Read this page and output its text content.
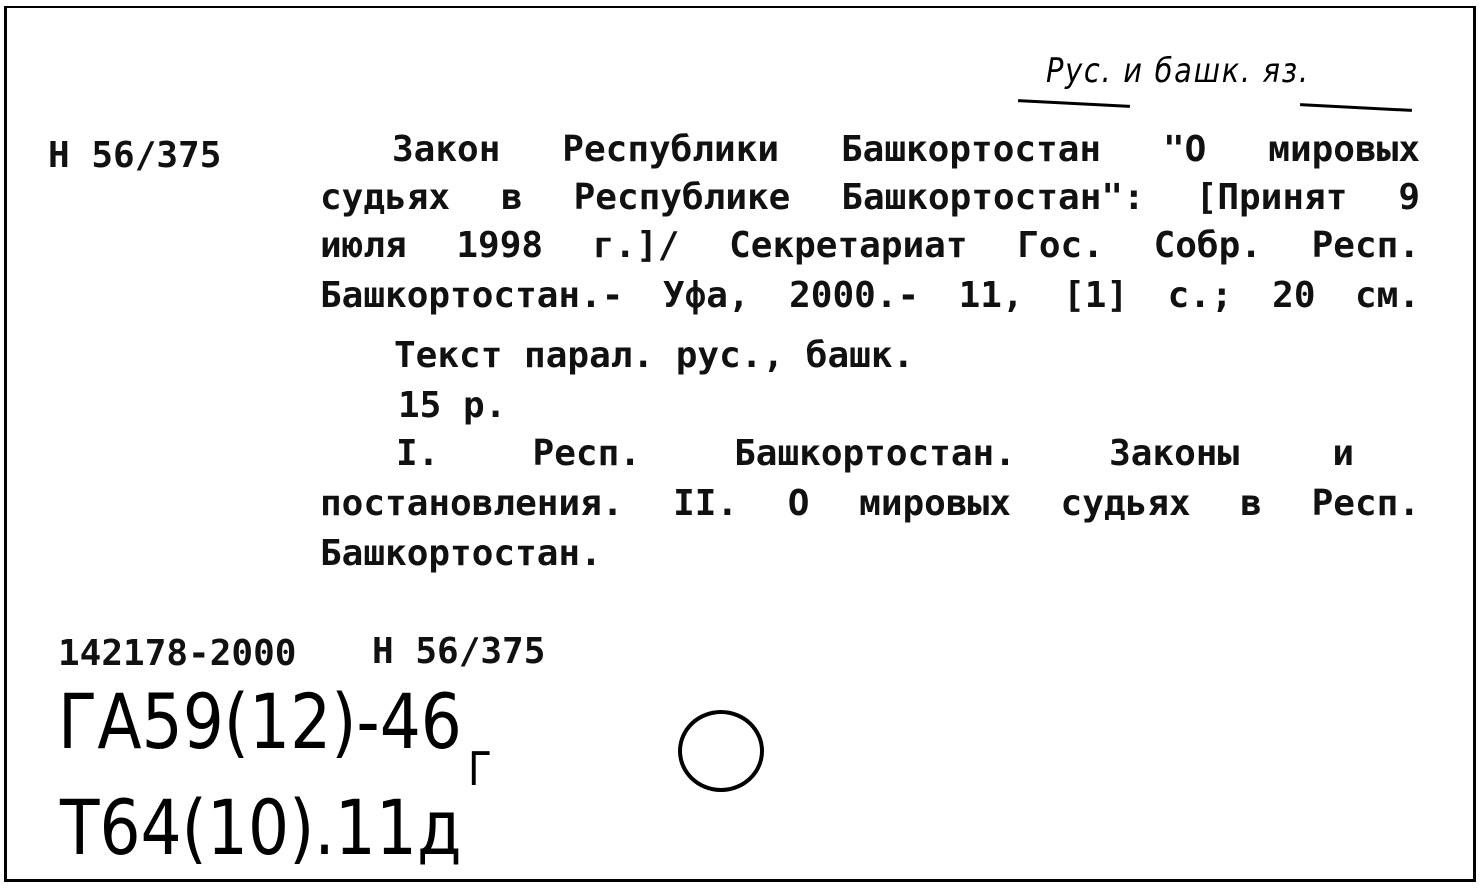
Рус. и башк. яз.
Н 56/375	Закон Республики Башкортостан "О мировых
судьях в Республике Башкортостан": [Принят 9
июля 1998 г.]/ Секретариат Гос. Собр. Респ.
Башкортостан.- Уфа, 2000.- 11, [1] с.; 20 см.
Текст парал. рус., башк.
15 р.
I. Респ. Башкортостан. Законы и
постановления. II. О мировых судьях в Респ.
Башкортостан.
142178-2000 Н 56/375
ГА59(12)-46
Г
Т64(10).11д
